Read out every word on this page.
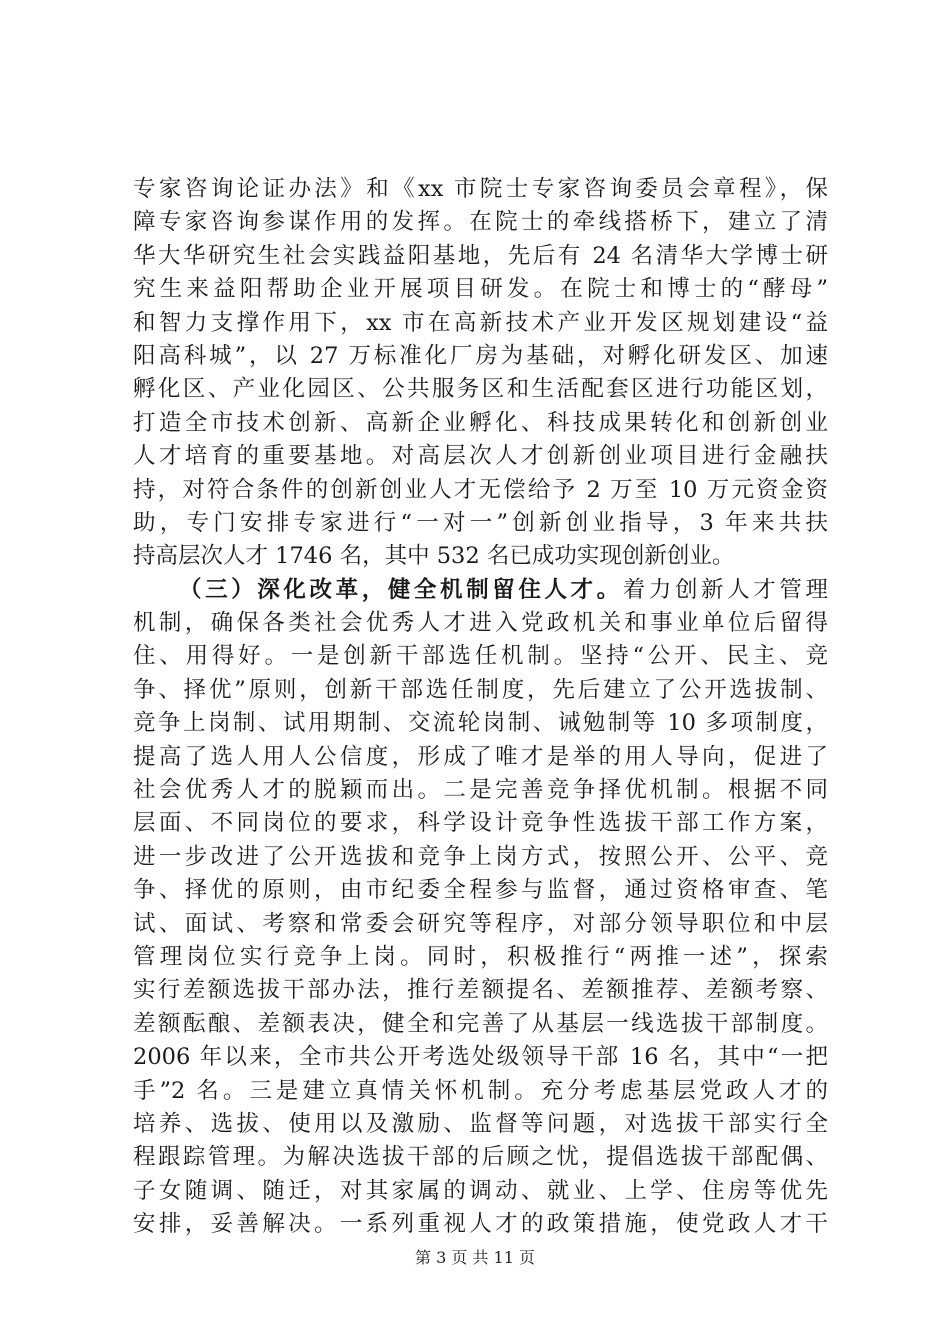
专家咨询论证办法》和《xx 市院士专家咨询委员会章程》，保
障专家咨询参谋作用的发挥。在院士的牵线搭桥下，建立了清
华大华研究生社会实践益阳基地，先后有 24 名清华大学博士研
究生来益阳帮助企业开展项目研发。在院士和博士的“酵母”
和智力支撑作用下，xx 市在高新技术产业开发区规划建设“益
阳高科城”，以 27 万标准化厂房为基础，对孵化研发区、加速
孵化区、产业化园区、公共服务区和生活配套区进行功能区划，
打造全市技术创新、高新企业孵化、科技成果转化和创新创业
人才培育的重要基地。对高层次人才创新创业项目进行金融扶
持，对符合条件的创新创业人才无偿给予 2 万至 10 万元资金资
助，专门安排专家进行“一对一”创新创业指导，3 年来共扶
持高层次人才 1746 名，其中 532 名已成功实现创新创业。
（三）深化改革，健全机制留住人才。着力创新人才管理
机制，确保各类社会优秀人才进入党政机关和事业单位后留得
住、用得好。一是创新干部选任机制。坚持“公开、民主、竞
争、择优”原则，创新干部选任制度，先后建立了公开选拔制、
竞争上岗制、试用期制、交流轮岗制、诫勉制等 10 多项制度，
提高了选人用人公信度，形成了唯才是举的用人导向，促进了
社会优秀人才的脱颖而出。二是完善竞争择优机制。根据不同
层面、不同岗位的要求，科学设计竞争性选拔干部工作方案，
进一步改进了公开选拔和竞争上岗方式，按照公开、公平、竞
争、择优的原则，由市纪委全程参与监督，通过资格审查、笔
试、面试、考察和常委会研究等程序，对部分领导职位和中层
管理岗位实行竞争上岗。同时，积极推行“两推一述”，探索
实行差额选拔干部办法，推行差额提名、差额推荐、差额考察、
差额酝酿、差额表决，健全和完善了从基层一线选拔干部制度。
2006 年以来，全市共公开考选处级领导干部 16 名，其中“一把
手”2 名。三是建立真情关怀机制。充分考虑基层党政人才的
培养、选拔、使用以及激励、监督等问题，对选拔干部实行全
程跟踪管理。为解决选拔干部的后顾之忧，提倡选拔干部配偶、
子女随调、随迁，对其家属的调动、就业、上学、住房等优先
安排，妥善解决。一系列重视人才的政策措施，使党政人才干
第 3 页 共 11 页
